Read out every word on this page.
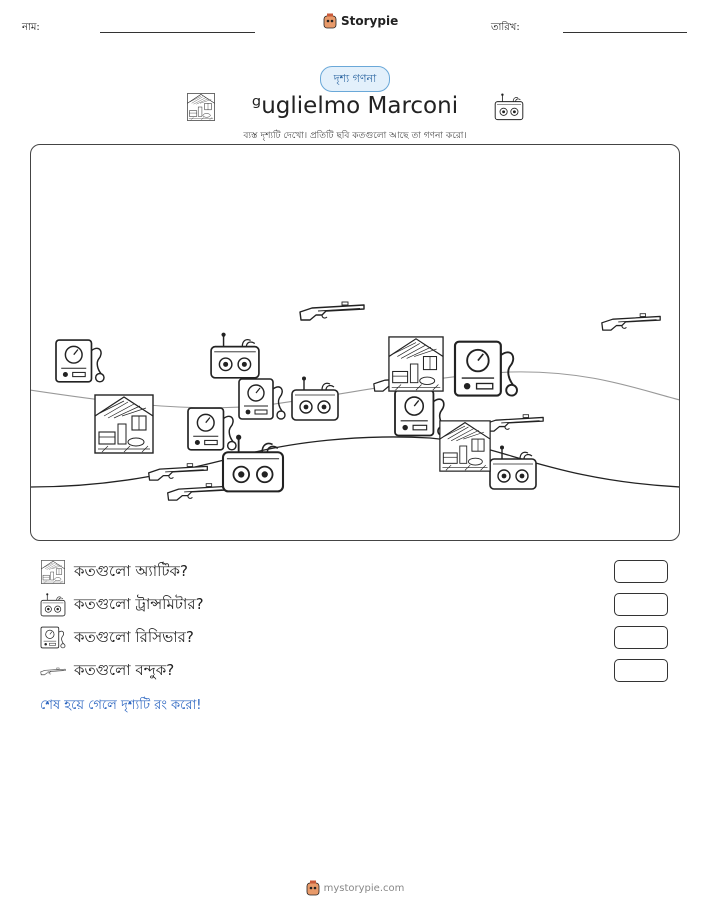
নাম:	Storypie	তারিখ:
দৃশ্য গণনা
ᵍuglielmo Marconi
ব্যস্ত দৃশ্যটি দেখো। প্রতিটি ছবি কতগুলো আছে তা গণনা করো।
কতগুলো অ্যাটিক?
কতগুলো ট্রান্সমিটার?
কতগুলো রিসিভার?
কতগুলো বন্দুক?
শেষ হয়ে গেলে দৃশ্যটি রং করো!
mystorypie.com
